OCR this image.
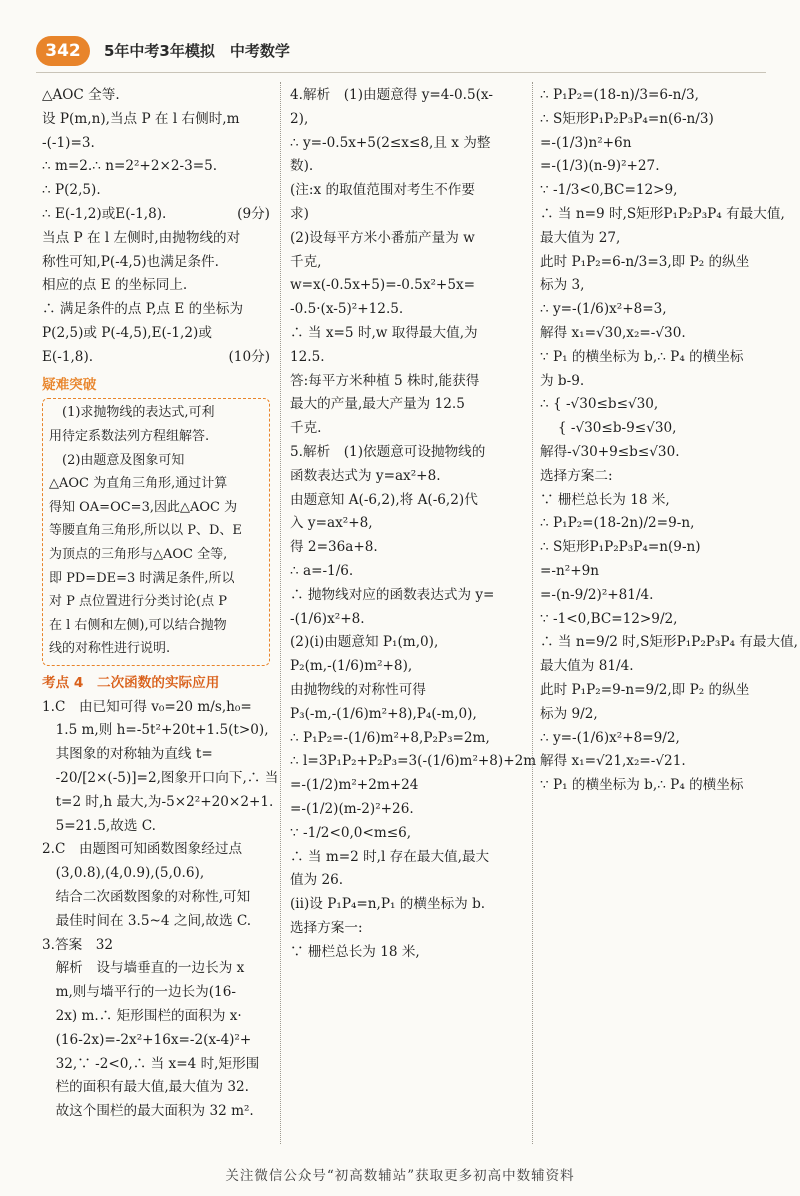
342	5年中考3年模拟　中考数学

△AOC 全等.

设 P(m,n),当点 P 在 l 右侧时,m

-(-1)=3.

∴ m=2.∴ n=2²+2×2-3=5.

∴ P(2,5).

∴ E(-1,2)或E(-1,8).	(9分)

当点 P 在 l 左侧时,由抛物线的对

称性可知,P(-4,5)也满足条件.

相应的点 E 的坐标同上.

∴ 满足条件的点 P,点 E 的坐标为

P(2,5)或 P(-4,5),E(-1,2)或

E(-1,8).	(10分)

疑难突破

　(1)求抛物线的表达式,可利

用待定系数法列方程组解答.

　(2)由题意及图象可知

△AOC 为直角三角形,通过计算

得知 OA=OC=3,因此△AOC 为

等腰直角三角形,所以以 P、D、E

为顶点的三角形与△AOC 全等,

即 PD=DE=3 时满足条件,所以

对 P 点位置进行分类讨论(点 P

在 l 右侧和左侧),可以结合抛物

线的对称性进行说明.

考点 4　二次函数的实际应用

1.C　由已知可得 v₀=20 m/s,h₀=

　1.5 m,则 h=-5t²+20t+1.5(t>0),

　其图象的对称轴为直线 t=

　-20/[2×(-5)]=2,图象开口向下,∴ 当

　t=2 时,h 最大,为-5×2²+20×2+1.

　5=21.5,故选 C.

2.C　由题图可知函数图象经过点

　(3,0.8),(4,0.9),(5,0.6),

　结合二次函数图象的对称性,可知

　最佳时间在 3.5~4 之间,故选 C.

3.答案　32

　解析　设与墙垂直的一边长为 x

　m,则与墙平行的一边长为(16-

　2x) m.∴ 矩形围栏的面积为 x·

　(16-2x)=-2x²+16x=-2(x-4)²+

　32,∵ -2<0,∴ 当 x=4 时,矩形围

　栏的面积有最大值,最大值为 32.

　故这个围栏的最大面积为 32 m².

4.解析　(1)由题意得 y=4-0.5(x-

2),

∴ y=-0.5x+5(2≤x≤8,且 x 为整

数).

(注:x 的取值范围对考生不作要

求)

(2)设每平方米小番茄产量为 w

千克,

w=x(-0.5x+5)=-0.5x²+5x=

-0.5·(x-5)²+12.5.

∴ 当 x=5 时,w 取得最大值,为

12.5.

答:每平方米种植 5 株时,能获得

最大的产量,最大产量为 12.5

千克.

5.解析　(1)依题意可设抛物线的

函数表达式为 y=ax²+8.

由题意知 A(-6,2),将 A(-6,2)代

入 y=ax²+8,

得 2=36a+8.

∴ a=-1/6.

∴ 抛物线对应的函数表达式为 y=

-(1/6)x²+8.

(2)(i)由题意知 P₁(m,0),

P₂(m,-(1/6)m²+8),

由抛物线的对称性可得

P₃(-m,-(1/6)m²+8),P₄(-m,0),

∴ P₁P₂=-(1/6)m²+8,P₂P₃=2m,

∴ l=3P₁P₂+P₂P₃=3(-(1/6)m²+8)+2m

=-(1/2)m²+2m+24

=-(1/2)(m-2)²+26.

∵ -1/2<0,0<m≤6,

∴ 当 m=2 时,l 存在最大值,最大

值为 26.

(ii)设 P₁P₄=n,P₁ 的横坐标为 b.

选择方案一:

∵ 栅栏总长为 18 米,

∴ P₁P₂=(18-n)/3=6-n/3,

∴ S矩形P₁P₂P₃P₄=n(6-n/3)

=-(1/3)n²+6n

=-(1/3)(n-9)²+27.

∵ -1/3<0,BC=12>9,

∴ 当 n=9 时,S矩形P₁P₂P₃P₄ 有最大值,

最大值为 27,

此时 P₁P₂=6-n/3=3,即 P₂ 的纵坐

标为 3,

∴ y=-(1/6)x²+8=3,

解得 x₁=√30,x₂=-√30.

∵ P₁ 的横坐标为 b,∴ P₄ 的横坐标

为 b-9.

∴ { -√30≤b≤√30,

　 { -√30≤b-9≤√30,

解得-√30+9≤b≤√30.

选择方案二:

∵ 栅栏总长为 18 米,

∴ P₁P₂=(18-2n)/2=9-n,

∴ S矩形P₁P₂P₃P₄=n(9-n)

=-n²+9n

=-(n-9/2)²+81/4.

∵ -1<0,BC=12>9/2,

∴ 当 n=9/2 时,S矩形P₁P₂P₃P₄ 有最大值,

最大值为 81/4.

此时 P₁P₂=9-n=9/2,即 P₂ 的纵坐

标为 9/2,

∴ y=-(1/6)x²+8=9/2,

解得 x₁=√21,x₂=-√21.

∵ P₁ 的横坐标为 b,∴ P₄ 的横坐标

关注微信公众号“初高数辅站”获取更多初高中数辅资料
